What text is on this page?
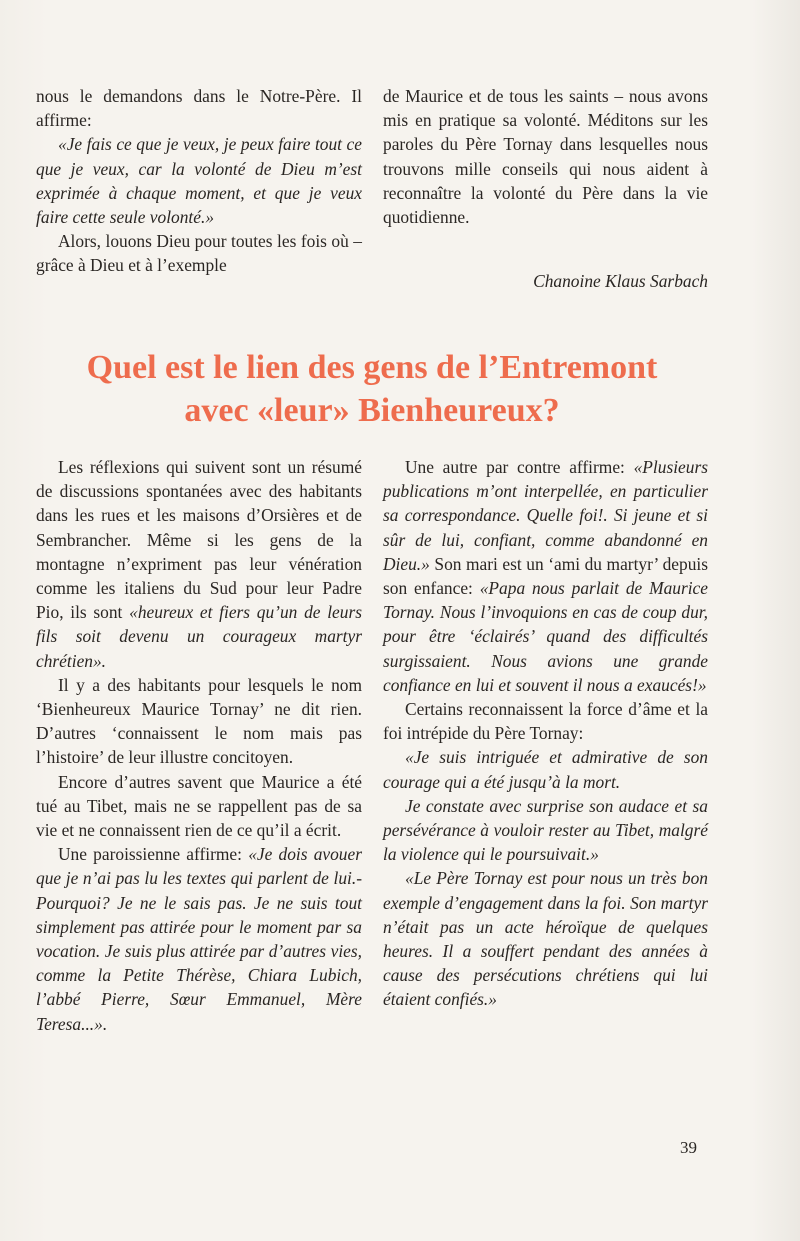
nous le demandons dans le Notre-Père. Il affirme:

«Je fais ce que je veux, je peux faire tout ce que je veux, car la volonté de Dieu m’est exprimée à chaque moment, et que je veux faire cette seule volonté.»

Alors, louons Dieu pour toutes les fois où – grâce à Dieu et à l’exemple

de Maurice et de tous les saints – nous avons mis en pratique sa volonté. Méditons sur les paroles du Père Tornay dans lesquelles nous trouvons mille conseils qui nous aident à reconnaître la volonté du Père dans la vie quotidienne.

Chanoine Klaus Sarbach
Quel est le lien des gens de l’Entremont
avec «leur» Bienheureux?

Les réflexions qui suivent sont un résumé de discussions spontanées avec des habitants dans les rues et les maisons d’Orsières et de Sembrancher. Même si les gens de la montagne n’expriment pas leur vénération comme les italiens du Sud pour leur Padre Pio, ils sont «heureux et fiers qu’un de leurs fils soit devenu un courageux martyr chrétien».

Il y a des habitants pour lesquels le nom ‘Bienheureux Maurice Tornay’ ne dit rien. D’autres ‘connaissent le nom mais pas l’histoire’ de leur illustre concitoyen.

Encore d’autres savent que Maurice a été tué au Tibet, mais ne se rappellent pas de sa vie et ne connaissent rien de ce qu’il a écrit.

Une paroissienne affirme: «Je dois avouer que je n’ai pas lu les textes qui parlent de lui.-Pourquoi? Je ne le sais pas. Je ne suis tout simplement pas attirée pour le moment par sa vocation. Je suis plus attirée par d’autres vies, comme la Petite Thérèse, Chiara Lubich, l’abbé Pierre, Sœur Emmanuel, Mère Teresa...».

Une autre par contre affirme: «Plusieurs publications m’ont interpellée, en particulier sa correspondance. Quelle foi!. Si jeune et si sûr de lui, confiant, comme abandonné en Dieu.» Son mari est un ‘ami du martyr’ depuis son enfance: «Papa nous parlait de Maurice Tornay. Nous l’invoquions en cas de coup dur, pour être ‘éclairés’ quand des difficultés surgissaient. Nous avions une grande confiance en lui et souvent il nous a exaucés!»

Certains reconnaissent la force d’âme et la foi intrépide du Père Tornay:

«Je suis intriguée et admirative de son courage qui a été jusqu’à la mort.

Je constate avec surprise son audace et sa persévérance à vouloir rester au Tibet, malgré la violence qui le poursuivait.»

«Le Père Tornay est pour nous un très bon exemple d’engagement dans la foi. Son martyr n’était pas un acte héroïque de quelques heures. Il a souffert pendant des années à cause des persécutions chrétiens qui lui étaient confiés.»

39
